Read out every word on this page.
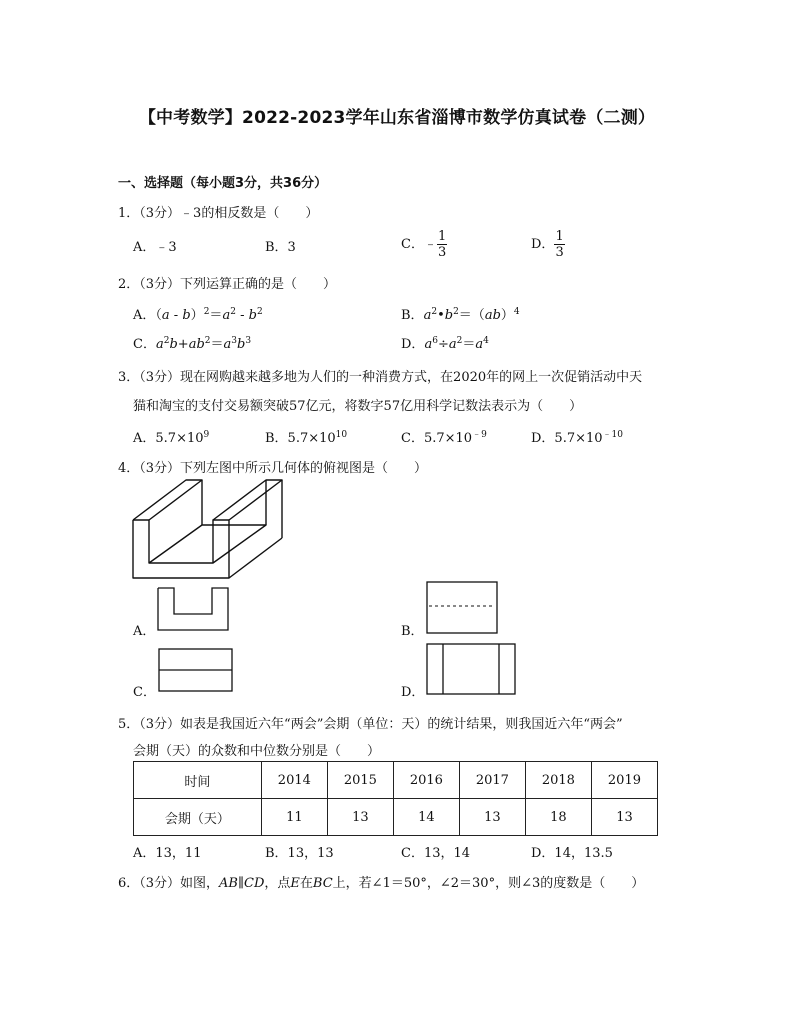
【中考数学】2022-2023学年山东省淄博市数学仿真试卷（二测）
一、选择题（每小题3分，共36分）
1．（3分）﹣3的相反数是（　　）
A．﹣3	B．3	C．﹣ $\frac{1}{3}$	D． $\frac{1}{3}$
2．（3分）下列运算正确的是（　　）
A．$(a - b)^2=a^2 - b^2$	B．$a^2•b^2=(ab)^4$
C．$a^2b+ab^2=a^3b^3$	D．$a^6\div a^2=a^4$
3．（3分）现在网购越来越多地为人们的一种消费方式，在2020年的网上一次促销活动中天
猫和淘宝的支付交易额突破57亿元，将数字57亿用科学记数法表示为（　　）
A．$5.7\times 10^9$	B．$5.7\times 10^{10}$	C．$5.7\times 10^{﹣9}$	D．$5.7\times 10^{﹣10}$
4．（3分）下列左图中所示几何体的俯视图是（　　）
A．	B．
C．	D．
5．（3分）如表是我国近六年“两会”会期（单位：天）的统计结果，则我国近六年“两会”
会期（天）的众数和中位数分别是（　　）
时间	2014	2015	2016	2017	2018	2019
会期（天）	11	13	14	13	18	13
A．13，11	B．13，13	C．13，14	D．14，13.5
6．（3分）如图，AB∥CD，点E在BC上，若∠1＝50°，∠2＝30°，则∠3的度数是（　　）
